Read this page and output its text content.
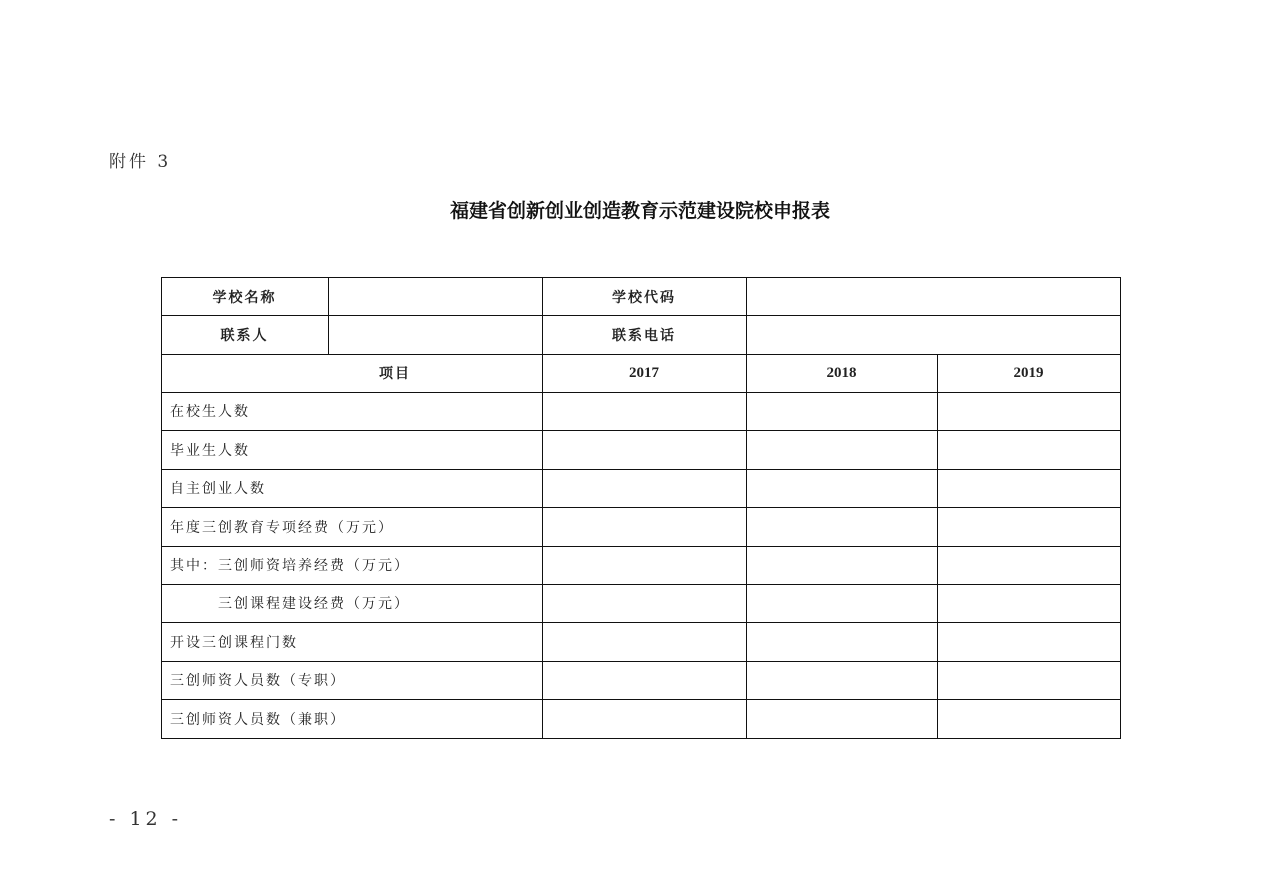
附件 3
福建省创新创业创造教育示范建设院校申报表
学校名称	学校代码
联系人	联系电话
项目	2017	2018	2019
在校生人数
毕业生人数
自主创业人数
年度三创教育专项经费（万元）
其中：三创师资培养经费（万元）
三创课程建设经费（万元）
开设三创课程门数
三创师资人员数（专职）
三创师资人员数（兼职）
- 12 -
